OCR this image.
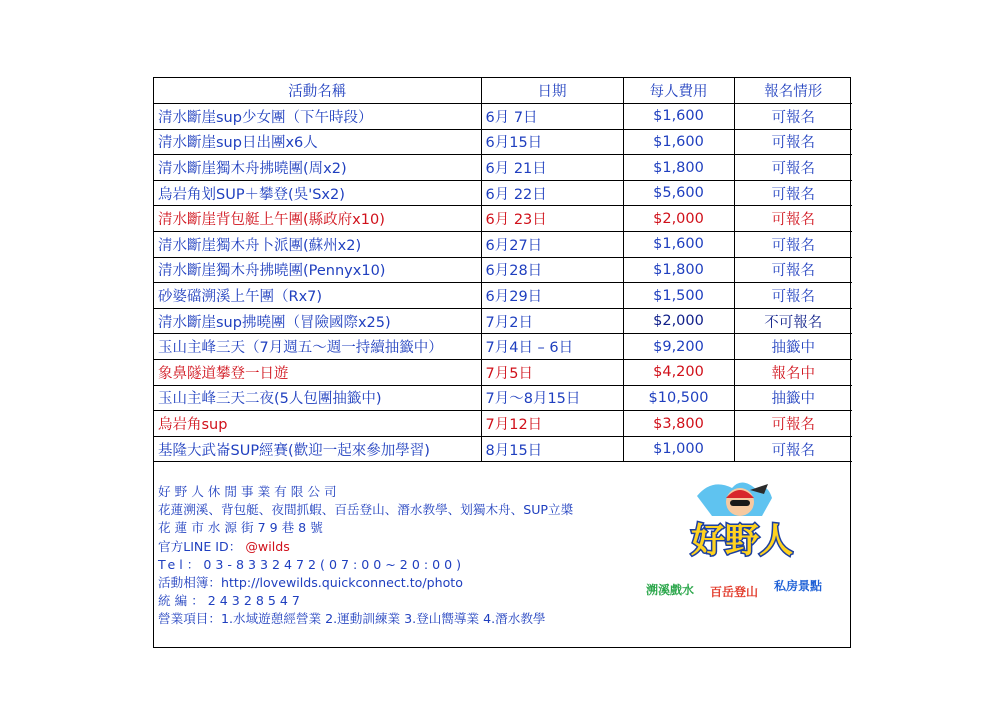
活動名稱	日期	每人費用	報名情形
清水斷崖sup少女團（下午時段）	6月 7日	$1,600	可報名
清水斷崖sup日出團x6人	6月15日	$1,600	可報名
清水斷崖獨木舟拂曉團(周x2)	6月 21日	$1,800	可報名
烏岩角划SUP＋攀登(吳'Sx2)	6月 22日	$5,600	可報名
清水斷崖背包艇上午團(縣政府x10)	6月 23日	$2,000	可報名
清水斷崖獨木舟卜派團(蘇州x2)	6月27日	$1,600	可報名
清水斷崖獨木舟拂曉團(Pennyx10)	6月28日	$1,800	可報名
砂婆礑溯溪上午團（Rx7)	6月29日	$1,500	可報名
清水斷崖sup拂曉團（冒險國際x25)	7月2日	$2,000	不可報名
玉山主峰三天（7月週五～週一持續抽籤中）	7月4日 – 6日	$9,200	抽籤中
象鼻隧道攀登一日遊	7月5日	$4,200	報名中
玉山主峰三天二夜(5人包團抽籤中)	7月～8月15日	$10,500	抽籤中
烏岩角sup	7月12日	$3,800	可報名
基隆大武崙SUP經賽(歡迎一起來參加學習)	8月15日	$1,000	可報名
好野人休閒事業有限公司
花蓮溯溪、背包艇、夜間抓蝦、百岳登山、潛水教學、划獨木舟、SUP立槳
花蓮市水源街79巷8號
官方LINE ID： @wilds
Tel：03-8332472(07:00~20:00)
活動相簿：http://lovewilds.quickconnect.to/photo
統編：24328547
營業項目：1.水域遊憩經營業 2.運動訓練業 3.登山嚮導業 4.潛水教學
好野人
溯溪戲水 百岳登山 私房景點
